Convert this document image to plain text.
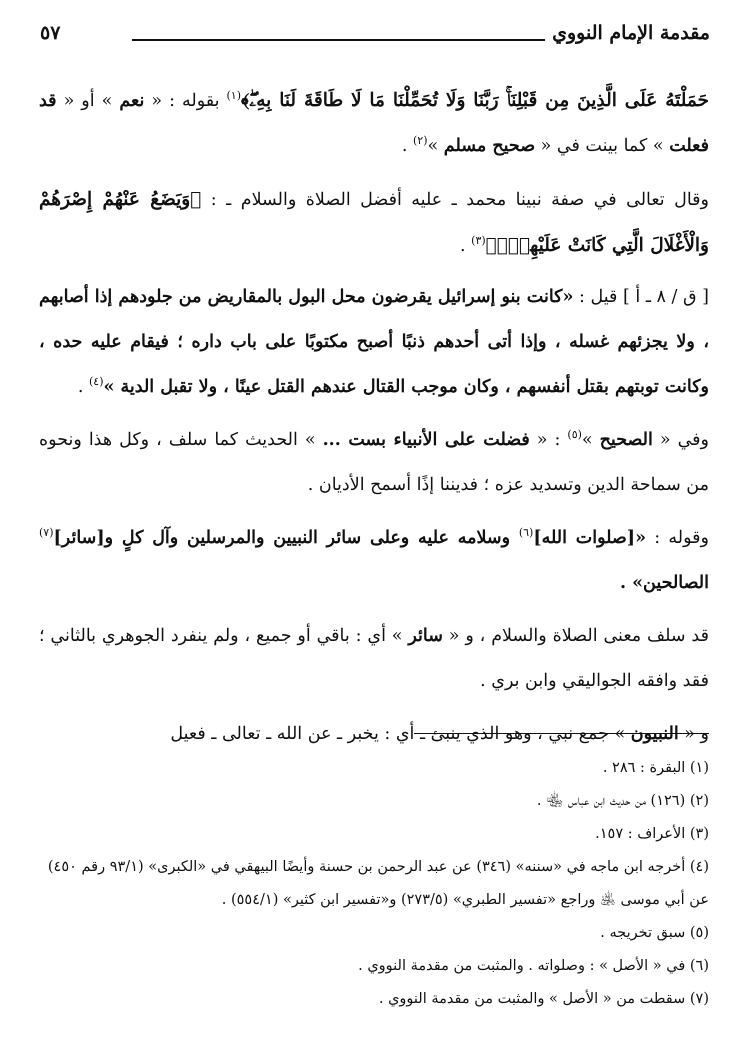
مقدمة الإمام النووي
٥٧

حَمَلْتَهُ عَلَى الَّذِينَ مِن قَبْلِنَاۚ رَبَّنَا وَلَا تُحَمِّلْنَا مَا لَا طَاقَةَ لَنَا بِهِۦۖ﴾$^{(١)}$ بقوله : « نعم » أو « قد فعلت » كما بينت في « صحيح مسلم »$^{(٢)}$ .

وقال تعالى في صفة نبينا محمد ـ عليه أفضل الصلاة والسلام ـ : ﴿وَيَضَعُ عَنْهُمْ إِصْرَهُمْ وَالْأَغْلَالَ الَّتِي كَانَتْ عَلَيْهِمْۚ﴾$^{(٣)}$ .

[ ق / ٨ ـ أ ] قيل : «كانت بنو إسرائيل يقرضون محل البول بالمقاريض من جلودهم إذا أصابهم ، ولا يجزئهم غسله ، وإذا أتى أحدهم ذنبًا أصبح مكتوبًا على باب داره ؛ فيقام عليه حده ، وكانت توبتهم بقتل أنفسهم ، وكان موجب القتال عندهم القتل عينًا ، ولا تقبل الدية »$^{(٤)}$ .

وفي « الصحيح »$^{(٥)}$ : « فضلت على الأنبياء بست ... » الحديث كما سلف ، وكل هذا ونحوه من سماحة الدين وتسديد عزه ؛ فديننا إذًا أسمح الأديان .

وقوله : «[صلوات الله]$^{(٦)}$ وسلامه عليه وعلى سائر النبيين والمرسلين وآل كلٍ و[سائر]$^{(٧)}$ الصالحين» .

قد سلف معنى الصلاة والسلام ، و « سائر » أي : باقي أو جميع ، ولم ينفرد الجوهري بالثاني ؛ فقد وافقه الجواليقي وابن بري .

و « النبيون » جمع نبي ، وهو الذي ينبئ ـ أي : يخبر ـ عن الله ـ تعالى ـ فعيل

(١) البقرة : ٢٨٦ .

(٢) (١٢٦) من حديث ابن عباس ﵄ .

(٣) الأعراف : ١٥٧.

(٤) أخرجه ابن ماجه في «سننه» (٣٤٦) عن عبد الرحمن بن حسنة وأيضًا البيهقي في «الكبرى» (٩٣/١ رقم ٤٥٠) عن أبي موسى ﵁ وراجع «تفسير الطبري» (٢٧٣/٥) و«تفسير ابن كثير» (٥٥٤/١) .

(٥) سبق تخريجه .

(٦) في « الأصل » : وصلواته . والمثبت من مقدمة النووي .

(٧) سقطت من « الأصل » والمثبت من مقدمة النووي .
